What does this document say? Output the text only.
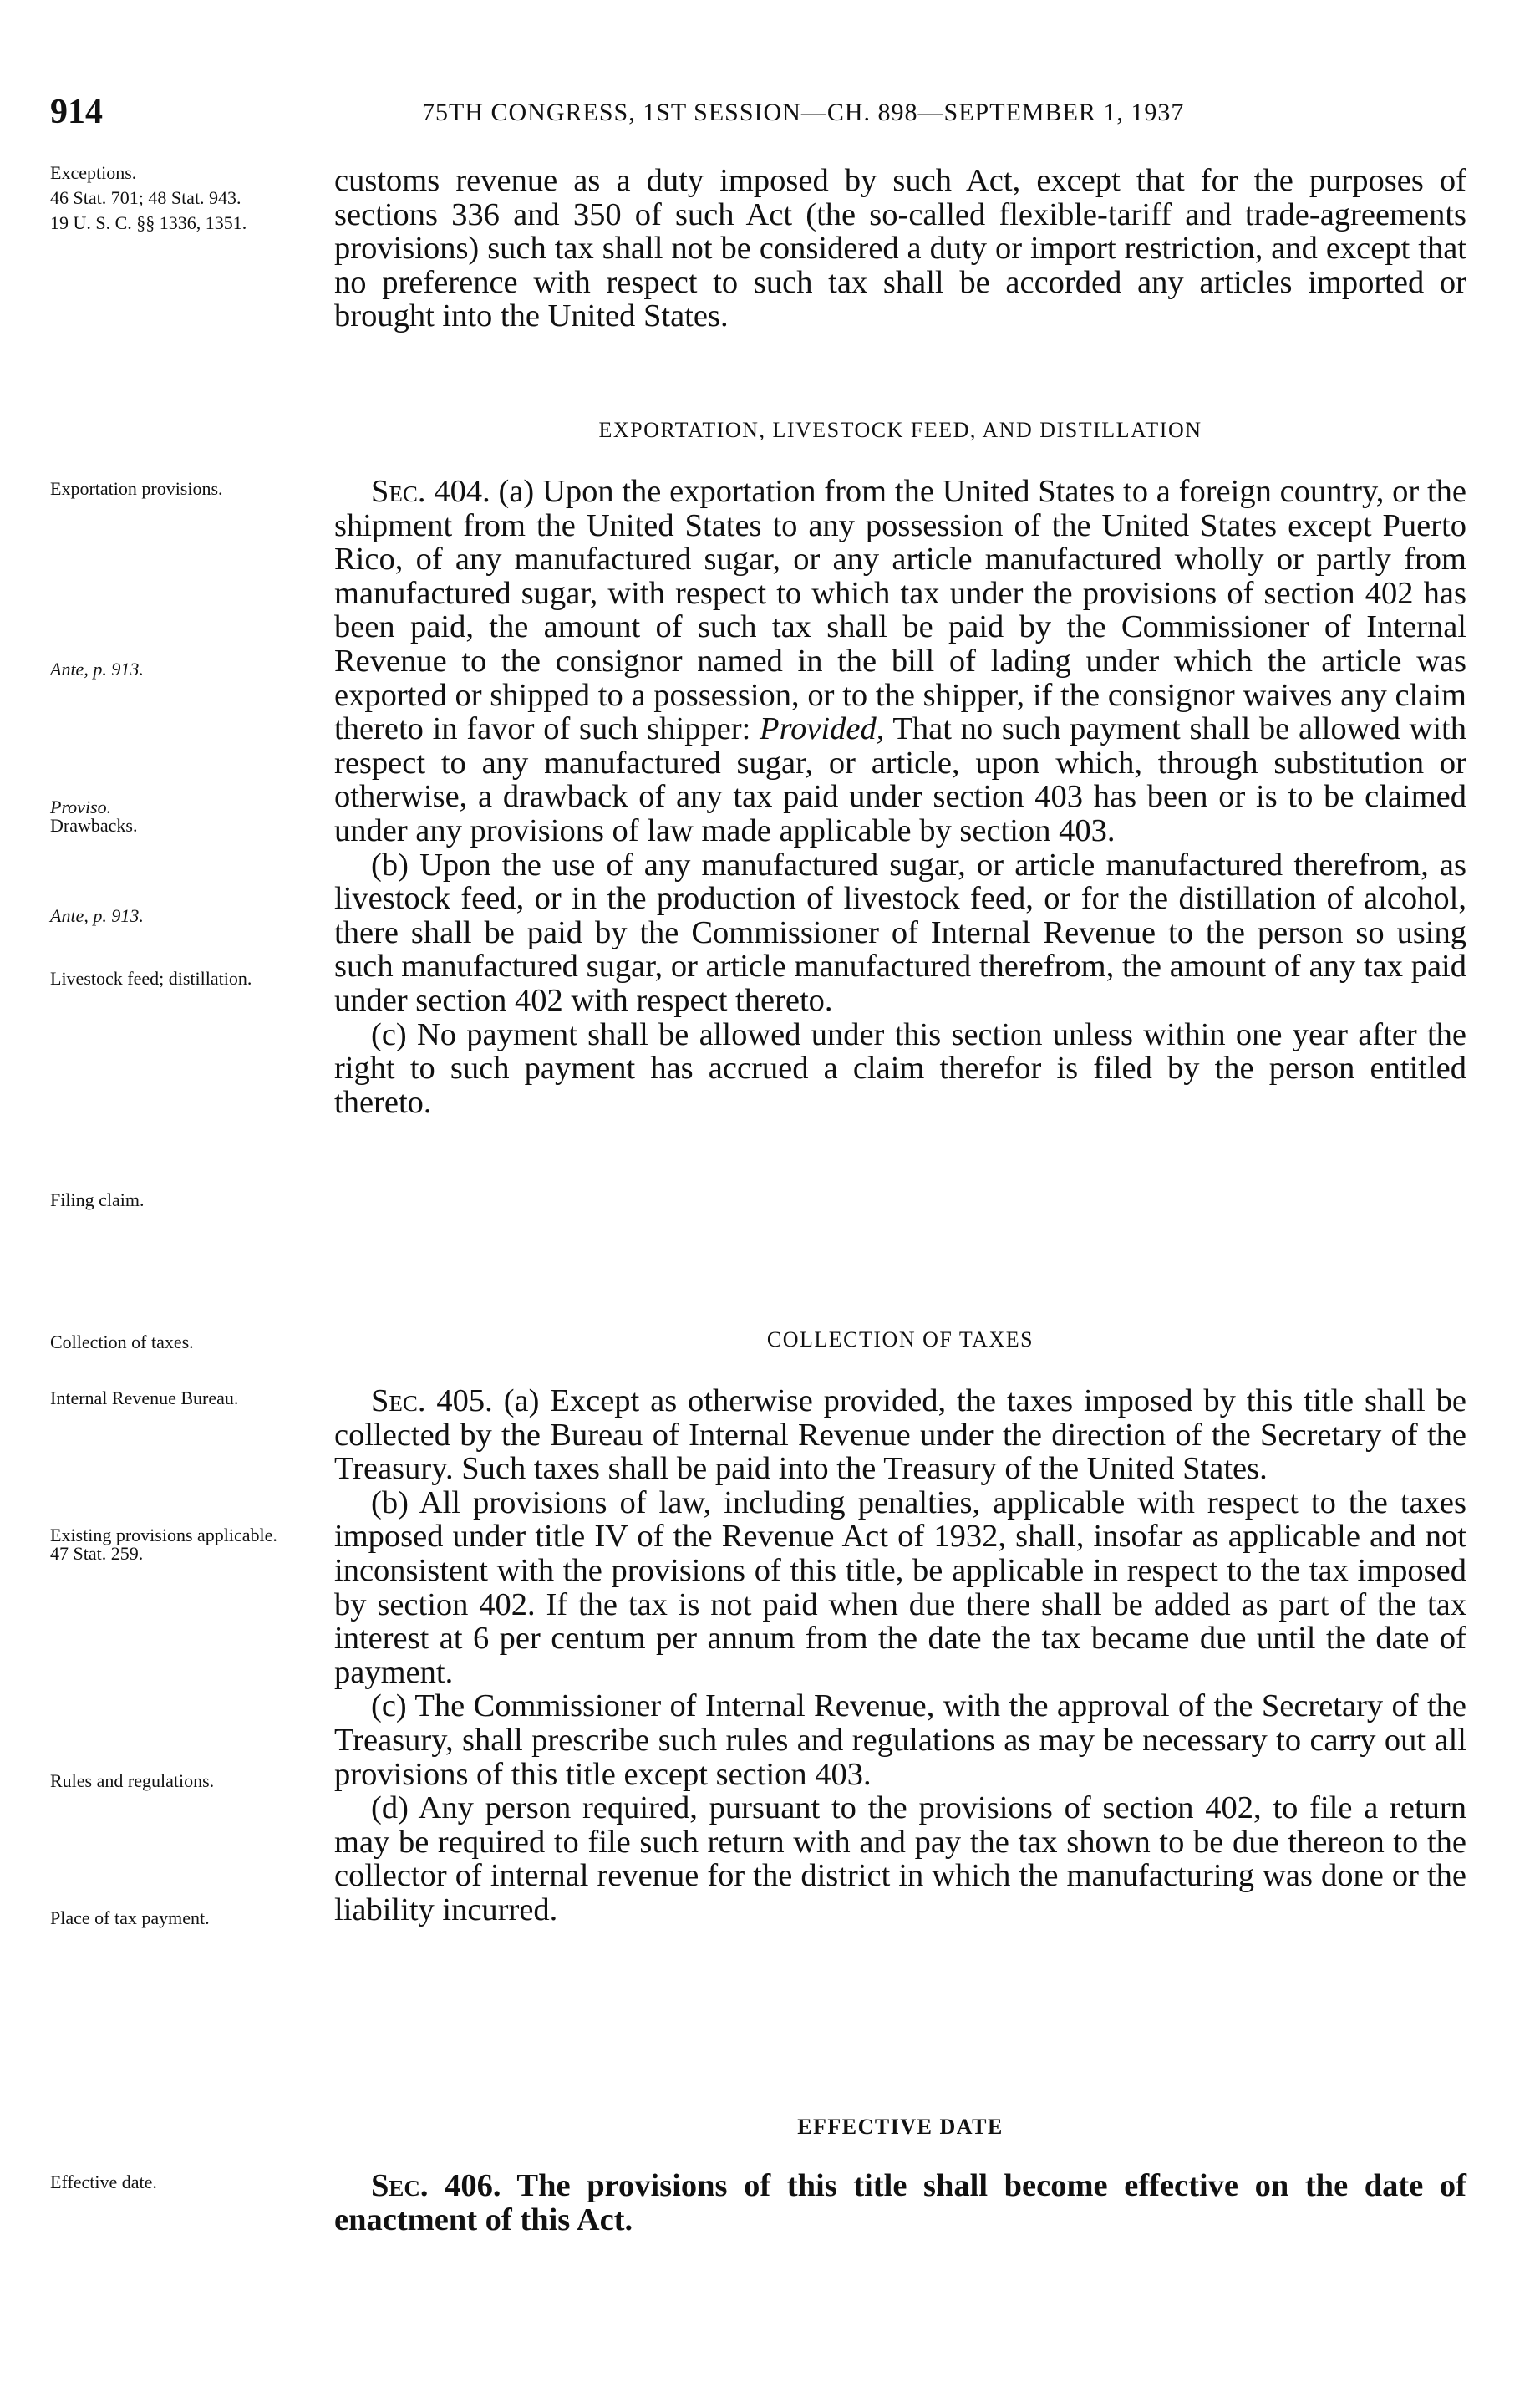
914	75TH CONGRESS, 1ST SESSION—CH. 898—SEPTEMBER 1, 1937
Exceptions.
46 Stat. 701; 48 Stat. 943.
19 U. S. C. §§ 1336, 1351.
Exportation provisions.
Ante, p. 913.
Proviso.
Drawbacks.
Ante, p. 913.
Livestock feed; distillation.
Filing claim.
Collection of taxes.
Internal Revenue Bureau.
Existing provisions applicable.
47 Stat. 259.
Rules and regulations.
Place of tax payment.
Effective date.

customs revenue as a duty imposed by such Act, except that for the purposes of sections 336 and 350 of such Act (the so-called flexible-tariff and trade-agreements provisions) such tax shall not be considered a duty or import restriction, and except that no preference with respect to such tax shall be accorded any articles imported or brought into the United States.

EXPORTATION, LIVESTOCK FEED, AND DISTILLATION

Sec. 404. (a) Upon the exportation from the United States to a foreign country, or the shipment from the United States to any possession of the United States except Puerto Rico, of any manufactured sugar, or any article manufactured wholly or partly from manufactured sugar, with respect to which tax under the provisions of section 402 has been paid, the amount of such tax shall be paid by the Commissioner of Internal Revenue to the consignor named in the bill of lading under which the article was exported or shipped to a possession, or to the shipper, if the consignor waives any claim thereto in favor of such shipper: Provided, That no such payment shall be allowed with respect to any manufactured sugar, or article, upon which, through substitution or otherwise, a drawback of any tax paid under section 403 has been or is to be claimed under any provisions of law made applicable by section 403.

(b) Upon the use of any manufactured sugar, or article manufactured therefrom, as livestock feed, or in the production of livestock feed, or for the distillation of alcohol, there shall be paid by the Commissioner of Internal Revenue to the person so using such manufactured sugar, or article manufactured therefrom, the amount of any tax paid under section 402 with respect thereto.

(c) No payment shall be allowed under this section unless within one year after the right to such payment has accrued a claim therefor is filed by the person entitled thereto.

COLLECTION OF TAXES

Sec. 405. (a) Except as otherwise provided, the taxes imposed by this title shall be collected by the Bureau of Internal Revenue under the direction of the Secretary of the Treasury. Such taxes shall be paid into the Treasury of the United States.

(b) All provisions of law, including penalties, applicable with respect to the taxes imposed under title IV of the Revenue Act of 1932, shall, insofar as applicable and not inconsistent with the provisions of this title, be applicable in respect to the tax imposed by section 402. If the tax is not paid when due there shall be added as part of the tax interest at 6 per centum per annum from the date the tax became due until the date of payment.

(c) The Commissioner of Internal Revenue, with the approval of the Secretary of the Treasury, shall prescribe such rules and regulations as may be necessary to carry out all provisions of this title except section 403.

(d) Any person required, pursuant to the provisions of section 402, to file a return may be required to file such return with and pay the tax shown to be due thereon to the collector of internal revenue for the district in which the manufacturing was done or the liability incurred.

EFFECTIVE DATE

Sec. 406. The provisions of this title shall become effective on the date of enactment of this Act.
